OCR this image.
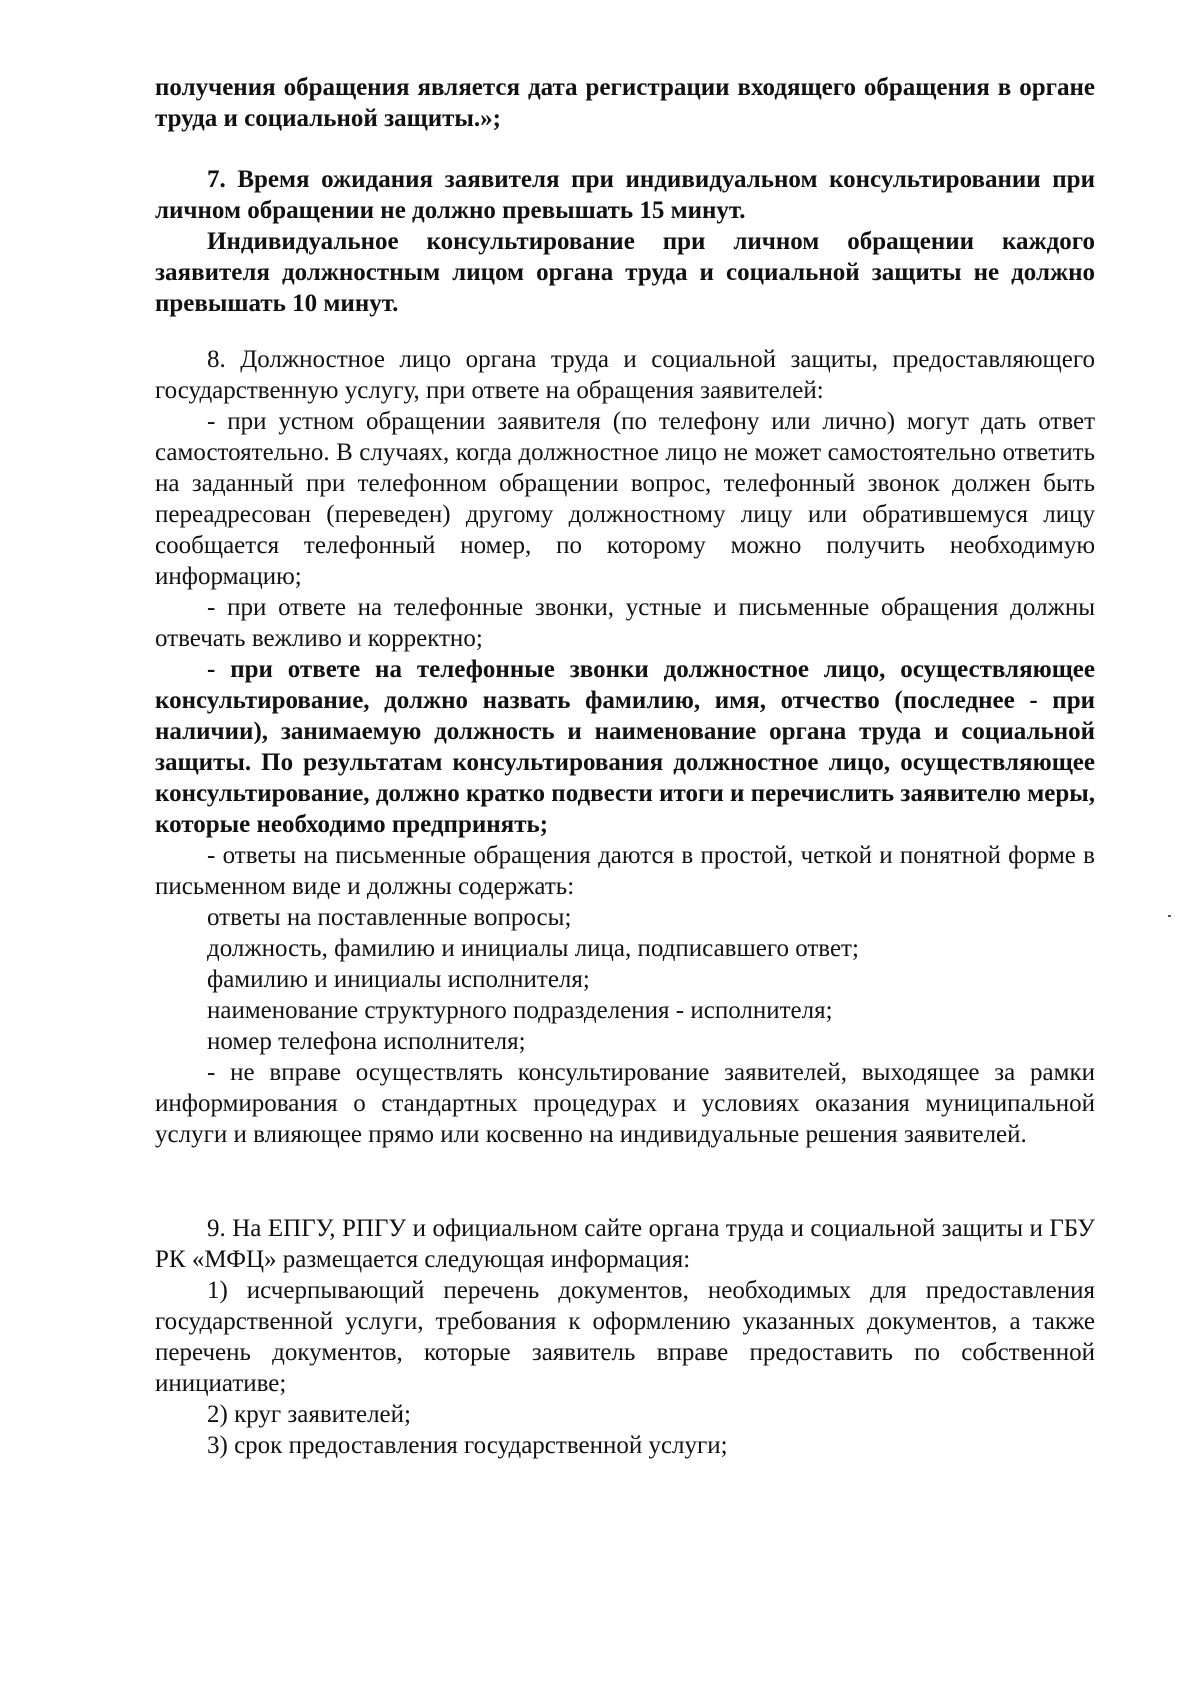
получения обращения является дата регистрации входящего обращения в органе труда и социальной защиты.»;

7. Время ожидания заявителя при индивидуальном консультировании при личном обращении не должно превышать 15 минут.

Индивидуальное консультирование при личном обращении каждого заявителя должностным лицом органа труда и социальной защиты не должно превышать 10 минут.

8. Должностное лицо органа труда и социальной защиты, предоставляющего государственную услугу, при ответе на обращения заявителей:

- при устном обращении заявителя (по телефону или лично) могут дать ответ самостоятельно. В случаях, когда должностное лицо не может самостоятельно ответить на заданный при телефонном обращении вопрос, телефонный звонок должен быть переадресован (переведен) другому должностному лицу или обратившемуся лицу сообщается телефонный номер, по которому можно получить необходимую информацию;

- при ответе на телефонные звонки, устные и письменные обращения должны отвечать вежливо и корректно;

- при ответе на телефонные звонки должностное лицо, осуществляющее консультирование, должно назвать фамилию, имя, отчество (последнее - при наличии), занимаемую должность и наименование органа труда и социальной защиты. По результатам консультирования должностное лицо, осуществляющее консультирование, должно кратко подвести итоги и перечислить заявителю меры, которые необходимо предпринять;

- ответы на письменные обращения даются в простой, четкой и понятной форме в письменном виде и должны содержать:

ответы на поставленные вопросы;

должность, фамилию и инициалы лица, подписавшего ответ;

фамилию и инициалы исполнителя;

наименование структурного подразделения - исполнителя;

номер телефона исполнителя;

- не вправе осуществлять консультирование заявителей, выходящее за рамки информирования о стандартных процедурах и условиях оказания муниципальной услуги и влияющее прямо или косвенно на индивидуальные решения заявителей.

9. На ЕПГУ, РПГУ и официальном сайте органа труда и социальной защиты и ГБУ РК «МФЦ» размещается следующая информация:

1) исчерпывающий перечень документов, необходимых для предоставления государственной услуги, требования к оформлению указанных документов, а также перечень документов, которые заявитель вправе предоставить по собственной инициативе;

2) круг заявителей;

3) срок предоставления государственной услуги;
